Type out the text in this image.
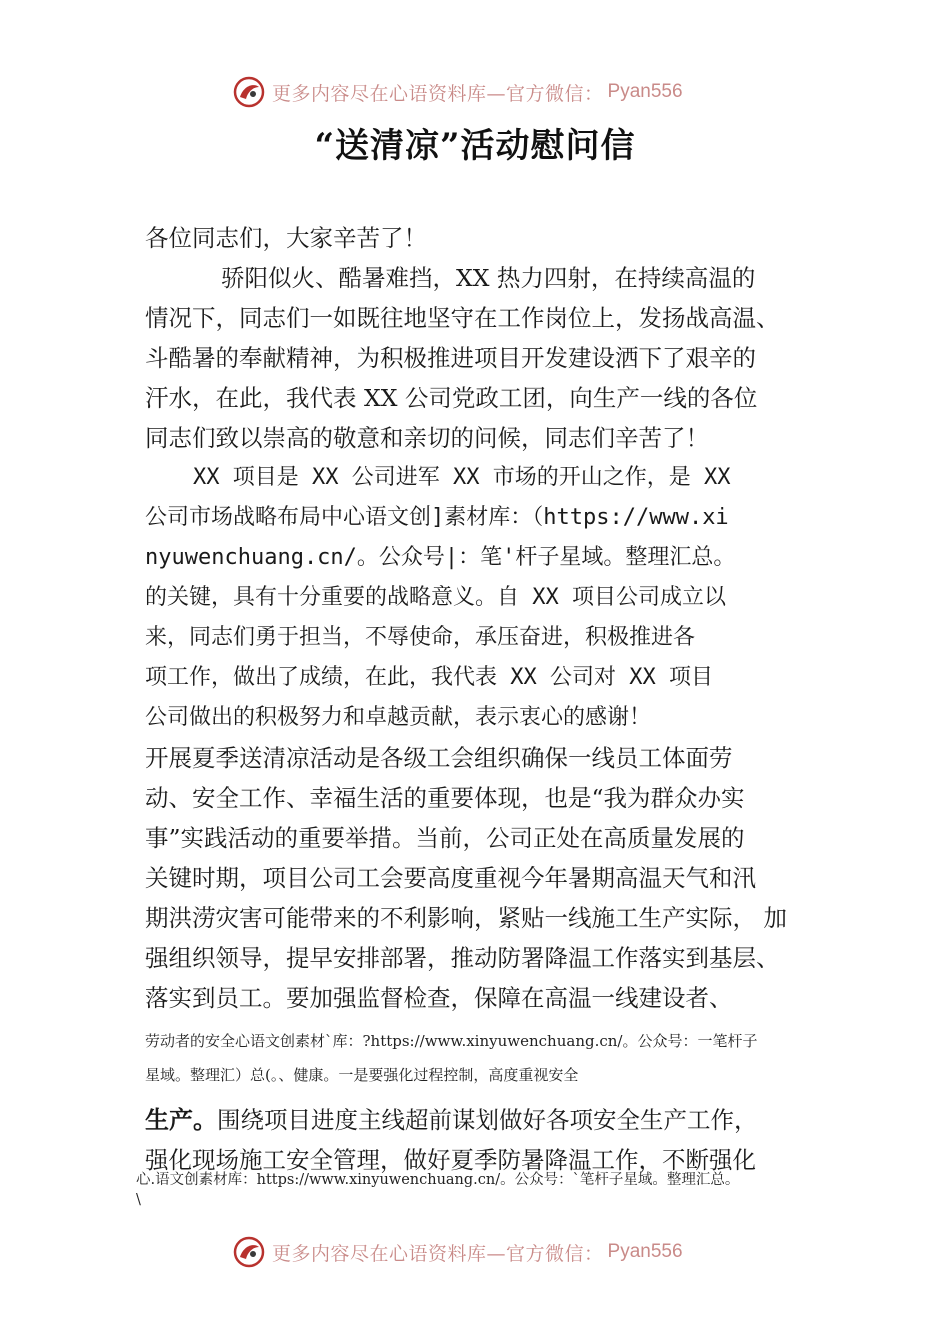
更多内容尽在心语资料库—官方微信： Pyan556
“送清凉”活动慰问信
各位同志们，大家辛苦了！
骄阳似火、酷暑难挡，XX 热力四射，在持续高温的
情况下，同志们一如既往地坚守在工作岗位上，发扬战高温、
斗酷暑的奉献精神，为积极推进项目开发建设洒下了艰辛的
汗水，在此，我代表 XX 公司党政工团，向生产一线的各位
同志们致以崇高的敬意和亲切的问候，同志们辛苦了！
XX 项目是 XX 公司进军 XX 市场的开山之作，是 XX
公司市场战略布局中心语文创]素材库：（https://www.xi
nyuwenchuang.cn/。公众号|：笔'杆子星域。整理汇总。
的关键，具有十分重要的战略意义。自 XX 项目公司成立以
来，同志们勇于担当，不辱使命，承压奋进，积极推进各
项工作，做出了成绩，在此，我代表 XX 公司对 XX 项目
公司做出的积极努力和卓越贡献，表示衷心的感谢！
开展夏季送清凉活动是各级工会组织确保一线员工体面劳
动、安全工作、幸福生活的重要体现，也是“我为群众办实
事”实践活动的重要举措。当前，公司正处在高质量发展的
关键时期，项目公司工会要高度重视今年暑期高温天气和汛
期洪涝灾害可能带来的不利影响，紧贴一线施工生产实际， 加
强组织领导，提早安排部署，推动防署降温工作落实到基层、
落实到员工。要加强监督检查，保障在高温一线建设者、
劳动者的安全心语文创素材`库：?https://www.xinyuwenchuang.cn/。公众号：一笔杆子
星域。整理汇）总(。、健康。一是要强化过程控制，高度重视安全
生产。围绕项目进度主线超前谋划做好各项安全生产工作，
强化现场施工安全管理，做好夏季防暑降温工作，不断强化
心.语文创素材库：https://www.xinyuwenchuang.cn/。公众号：`笔杆子星域。整理汇总。
\
更多内容尽在心语资料库—官方微信： Pyan556
